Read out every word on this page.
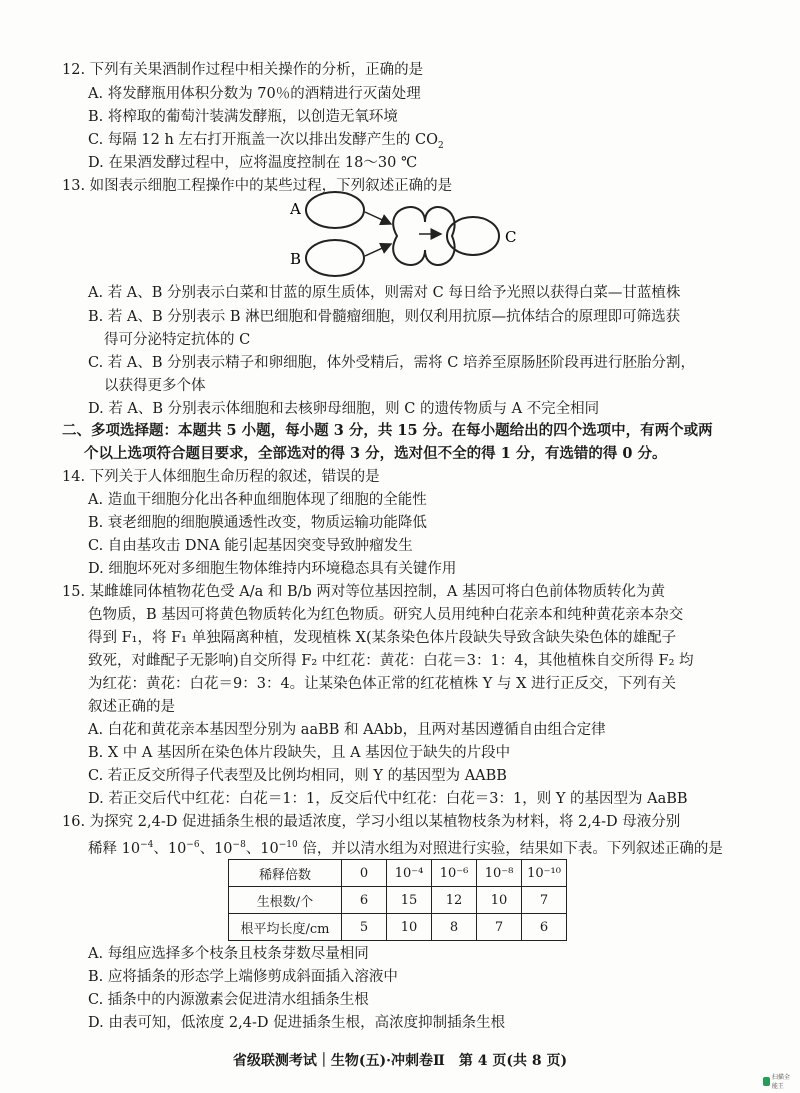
12. 下列有关果酒制作过程中相关操作的分析，正确的是
A. 将发酵瓶用体积分数为 70％的酒精进行灭菌处理
B. 将榨取的葡萄汁装满发酵瓶，以创造无氧环境
C. 每隔 12 h 左右打开瓶盖一次以排出发酵产生的 $CO_2$
D. 在果酒发酵过程中，应将温度控制在 18～30 ℃
13. 如图表示细胞工程操作中的某些过程，下列叙述正确的是
A
B
C
A. 若 A、B 分别表示白菜和甘蓝的原生质体，则需对 C 每日给予光照以获得白菜—甘蓝植株
B. 若 A、B 分别表示 B 淋巴细胞和骨髓瘤细胞，则仅利用抗原—抗体结合的原理即可筛选获
得可分泌特定抗体的 C
C. 若 A、B 分别表示精子和卵细胞，体外受精后，需将 C 培养至原肠胚阶段再进行胚胎分割，
以获得更多个体
D. 若 A、B 分别表示体细胞和去核卵母细胞，则 C 的遗传物质与 A 不完全相同
二、多项选择题：本题共 5 小题，每小题 3 分，共 15 分。在每小题给出的四个选项中，有两个或两
个以上选项符合题目要求，全部选对的得 3 分，选对但不全的得 1 分，有选错的得 0 分。
14. 下列关于人体细胞生命历程的叙述，错误的是
A. 造血干细胞分化出各种血细胞体现了细胞的全能性
B. 衰老细胞的细胞膜通透性改变，物质运输功能降低
C. 自由基攻击 DNA 能引起基因突变导致肿瘤发生
D. 细胞坏死对多细胞生物体维持内环境稳态具有关键作用
15. 某雌雄同体植物花色受 A/a 和 B/b 两对等位基因控制，A 基因可将白色前体物质转化为黄
色物质，B 基因可将黄色物质转化为红色物质。研究人员用纯种白花亲本和纯种黄花亲本杂交
得到 F₁，将 F₁ 单独隔离种植，发现植株 X(某条染色体片段缺失导致含缺失染色体的雄配子
致死，对雌配子无影响)自交所得 F₂ 中红花：黄花：白花＝3：1：4，其他植株自交所得 F₂ 均
为红花：黄花：白花＝9：3：4。让某染色体正常的红花植株 Y 与 X 进行正反交，下列有关
叙述正确的是
A. 白花和黄花亲本基因型分别为 aaBB 和 AAbb，且两对基因遵循自由组合定律
B. X 中 A 基因所在染色体片段缺失，且 A 基因位于缺失的片段中
C. 若正反交所得子代表型及比例均相同，则 Y 的基因型为 AABB
D. 若正交后代中红花：白花＝1：1，反交后代中红花：白花＝3：1，则 Y 的基因型为 AaBB
16. 为探究 2,4-D 促进插条生根的最适浓度，学习小组以某植物枝条为材料，将 2,4-D 母液分别
稀释 $10^{-4}$、$10^{-6}$、$10^{-8}$、$10^{-10}$ 倍，并以清水组为对照进行实验，结果如下表。下列叙述正确的是
稀释倍数	0	10⁻⁴	10⁻⁶	10⁻⁸	10⁻¹⁰
生根数/个	6	15	12	10	7
根平均长度/cm	5	10	8	7	6
A. 每组应选择多个枝条且枝条芽数尽量相同
B. 应将插条的形态学上端修剪成斜面插入溶液中
C. 插条中的内源激素会促进清水组插条生根
D. 由表可知，低浓度 2,4-D 促进插条生根，高浓度抑制插条生根
省级联测考试｜生物(五)·冲刺卷Ⅱ　第 4 页(共 8 页)
扫描全能王
